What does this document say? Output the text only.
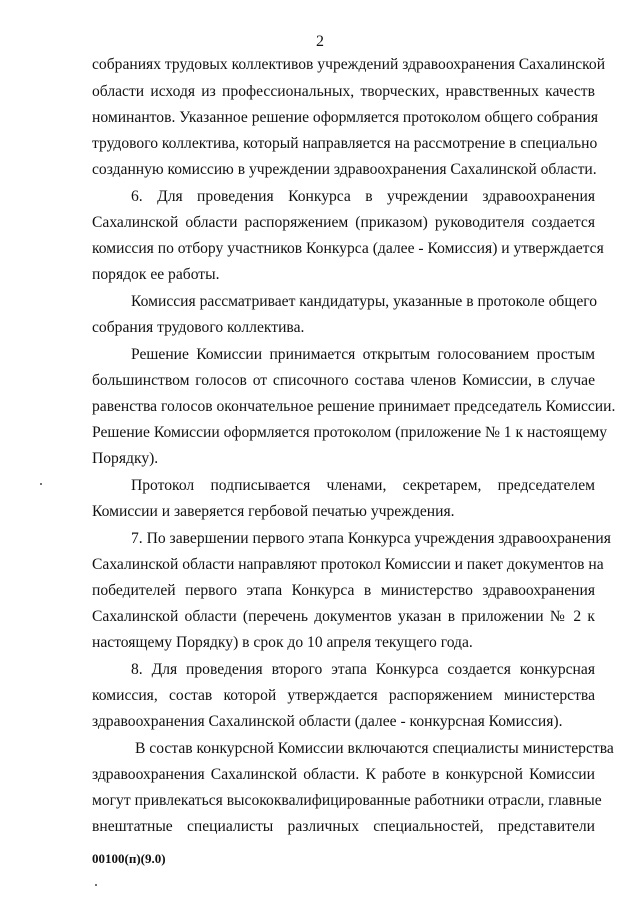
2
собраниях трудовых коллективов учреждений здравоохранения Сахалинской
области исходя из профессиональных, творческих, нравственных качеств
номинантов. Указанное решение оформляется протоколом общего собрания
трудового коллектива, который направляется на рассмотрение в специально
созданную комиссию в учреждении здравоохранения Сахалинской области.
6. Для проведения Конкурса в учреждении здравоохранения
Сахалинской области распоряжением (приказом) руководителя создается
комиссия по отбору участников Конкурса (далее - Комиссия) и утверждается
порядок ее работы.
Комиссия рассматривает кандидатуры, указанные в протоколе общего
собрания трудового коллектива.
Решение Комиссии принимается открытым голосованием простым
большинством голосов от списочного состава членов Комиссии, в случае
равенства голосов окончательное решение принимает председатель Комиссии.
Решение Комиссии оформляется протоколом (приложение № 1 к настоящему
Порядку).
Протокол подписывается членами, секретарем, председателем
Комиссии и заверяется гербовой печатью учреждения.
7. По завершении первого этапа Конкурса учреждения здравоохранения
Сахалинской области направляют протокол Комиссии и пакет документов на
победителей первого этапа Конкурса в министерство здравоохранения
Сахалинской области (перечень документов указан в приложении № 2 к
настоящему Порядку) в срок до 10 апреля текущего года.
8. Для проведения второго этапа Конкурса создается конкурсная
комиссия, состав которой утверждается распоряжением министерства
здравоохранения Сахалинской области (далее - конкурсная Комиссия).
В состав конкурсной Комиссии включаются специалисты министерства
здравоохранения Сахалинской области. К работе в конкурсной Комиссии
могут привлекаться высококвалифицированные работники отрасли, главные
внештатные специалисты различных специальностей, представители
00100(п)(9.0)
